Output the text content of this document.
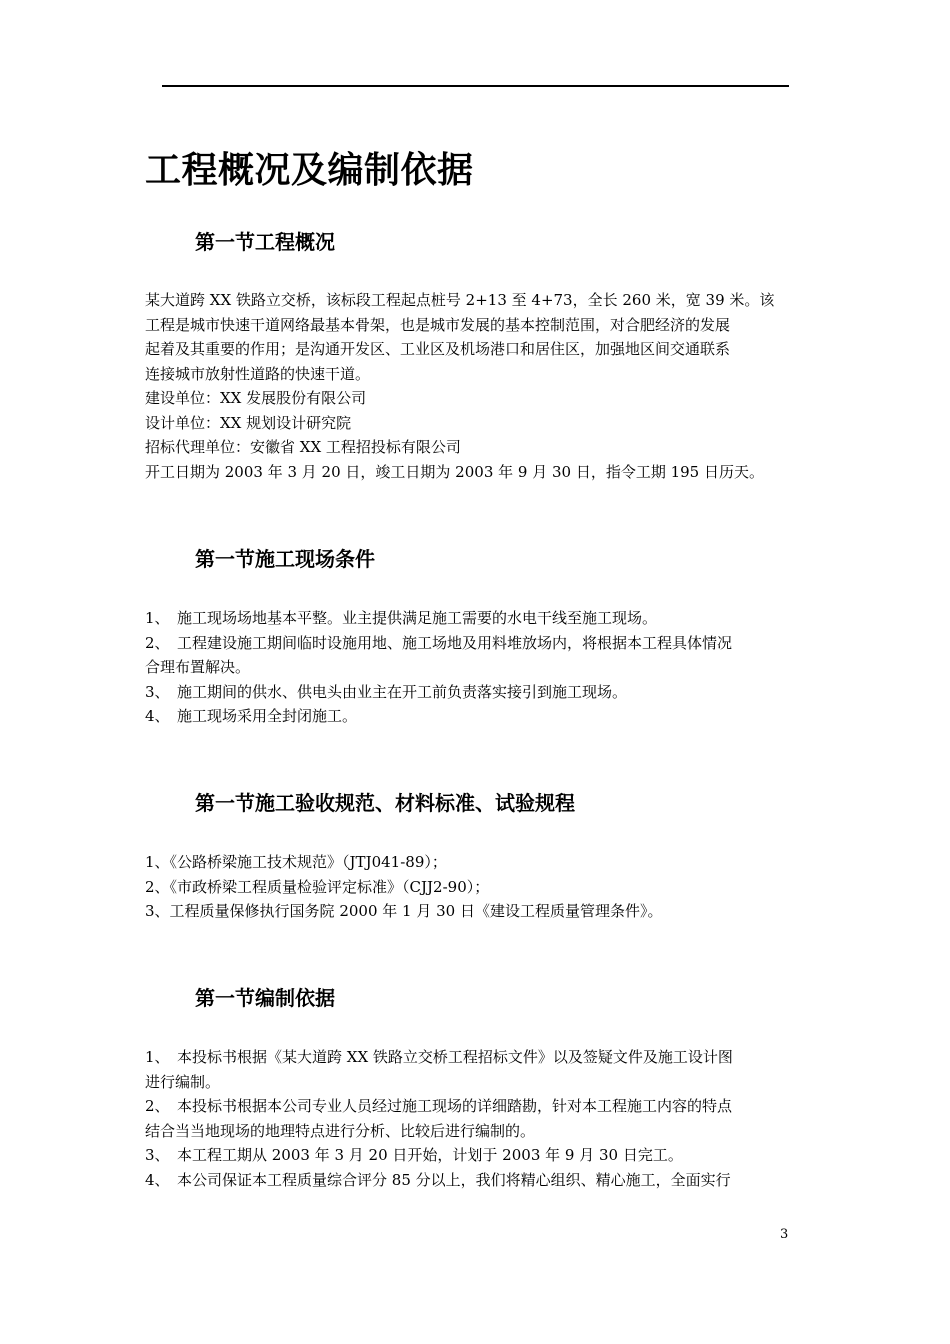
工程概况及编制依据
第一节工程概况
某大道跨 XX 铁路立交桥，该标段工程起点桩号 2+13 至 4+73，全长 260 米，宽 39 米。该
工程是城市快速干道网络最基本骨架，也是城市发展的基本控制范围，对合肥经济的发展
起着及其重要的作用；是沟通开发区、工业区及机场港口和居住区，加强地区间交通联系
连接城市放射性道路的快速干道。
建设单位：XX 发展股份有限公司
设计单位：XX 规划设计研究院
招标代理单位：安徽省 XX 工程招投标有限公司
开工日期为 2003 年 3 月 20 日，竣工日期为 2003 年 9 月 30 日，指令工期 195 日历天。
第一节施工现场条件
1、 施工现场场地基本平整。业主提供满足施工需要的水电干线至施工现场。
2、 工程建设施工期间临时设施用地、施工场地及用料堆放场内，将根据本工程具体情况
合理布置解决。
3、 施工期间的供水、供电头由业主在开工前负责落实接引到施工现场。
4、 施工现场采用全封闭施工。
第一节施工验收规范、材料标准、试验规程
1、《公路桥梁施工技术规范》（JTJ041-89）；
2、《市政桥梁工程质量检验评定标准》（CJJ2-90）；
3、工程质量保修执行国务院 2000 年 1 月 30 日《建设工程质量管理条件》。
第一节编制依据
1、 本投标书根据《某大道跨 XX 铁路立交桥工程招标文件》以及签疑文件及施工设计图
进行编制。
2、 本投标书根据本公司专业人员经过施工现场的详细踏勘，针对本工程施工内容的特点
结合当当地现场的地理特点进行分析、比较后进行编制的。
3、 本工程工期从 2003 年 3 月 20 日开始，计划于 2003 年 9 月 30 日完工。
4、 本公司保证本工程质量综合评分 85 分以上，我们将精心组织、精心施工，全面实行
3
